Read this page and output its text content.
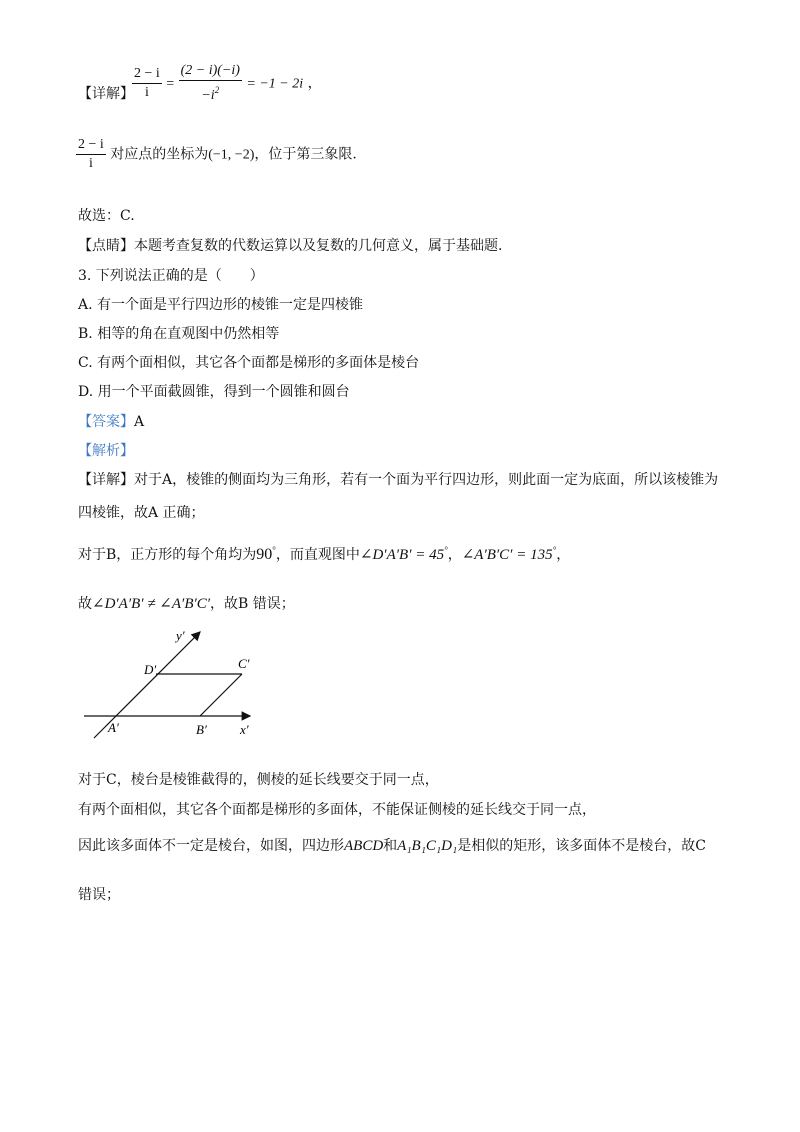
【详解】
$\frac{2 - i}{i} = \frac{(2 - i)(-i)}{-i^2} = -1 - 2i$ ，
$\frac{2 - i}{i}$ 对应点的坐标为(−1, −2)，位于第三象限.
故选：C.
【点睛】本题考查复数的代数运算以及复数的几何意义，属于基础题.
3. 下列说法正确的是（　　）
A. 有一个面是平行四边形的棱锥一定是四棱锥
B. 相等的角在直观图中仍然相等
C. 有两个面相似，其它各个面都是梯形的多面体是棱台
D. 用一个平面截圆锥，得到一个圆锥和圆台
【答案】A
【解析】
【详解】对于A，棱锥的侧面均为三角形，若有一个面为平行四边形，则此面一定为底面，所以该棱锥为
四棱锥，故A 正确；
对于B，正方形的每个角均为90°，而直观图中∠D′A′B′ = 45°，∠A′B′C′ = 135°，
故∠D′A′B′ ≠ ∠A′B′C′，故B 错误；
y′
D′	C′
A′	B′	x′
对于C，棱台是棱锥截得的，侧棱的延长线要交于同一点，
有两个面相似，其它各个面都是梯形的多面体，不能保证侧棱的延长线交于同一点，
因此该多面体不一定是棱台，如图，四边形ABCD和A₁B₁C₁D₁是相似的矩形，该多面体不是棱台，故C
错误；
